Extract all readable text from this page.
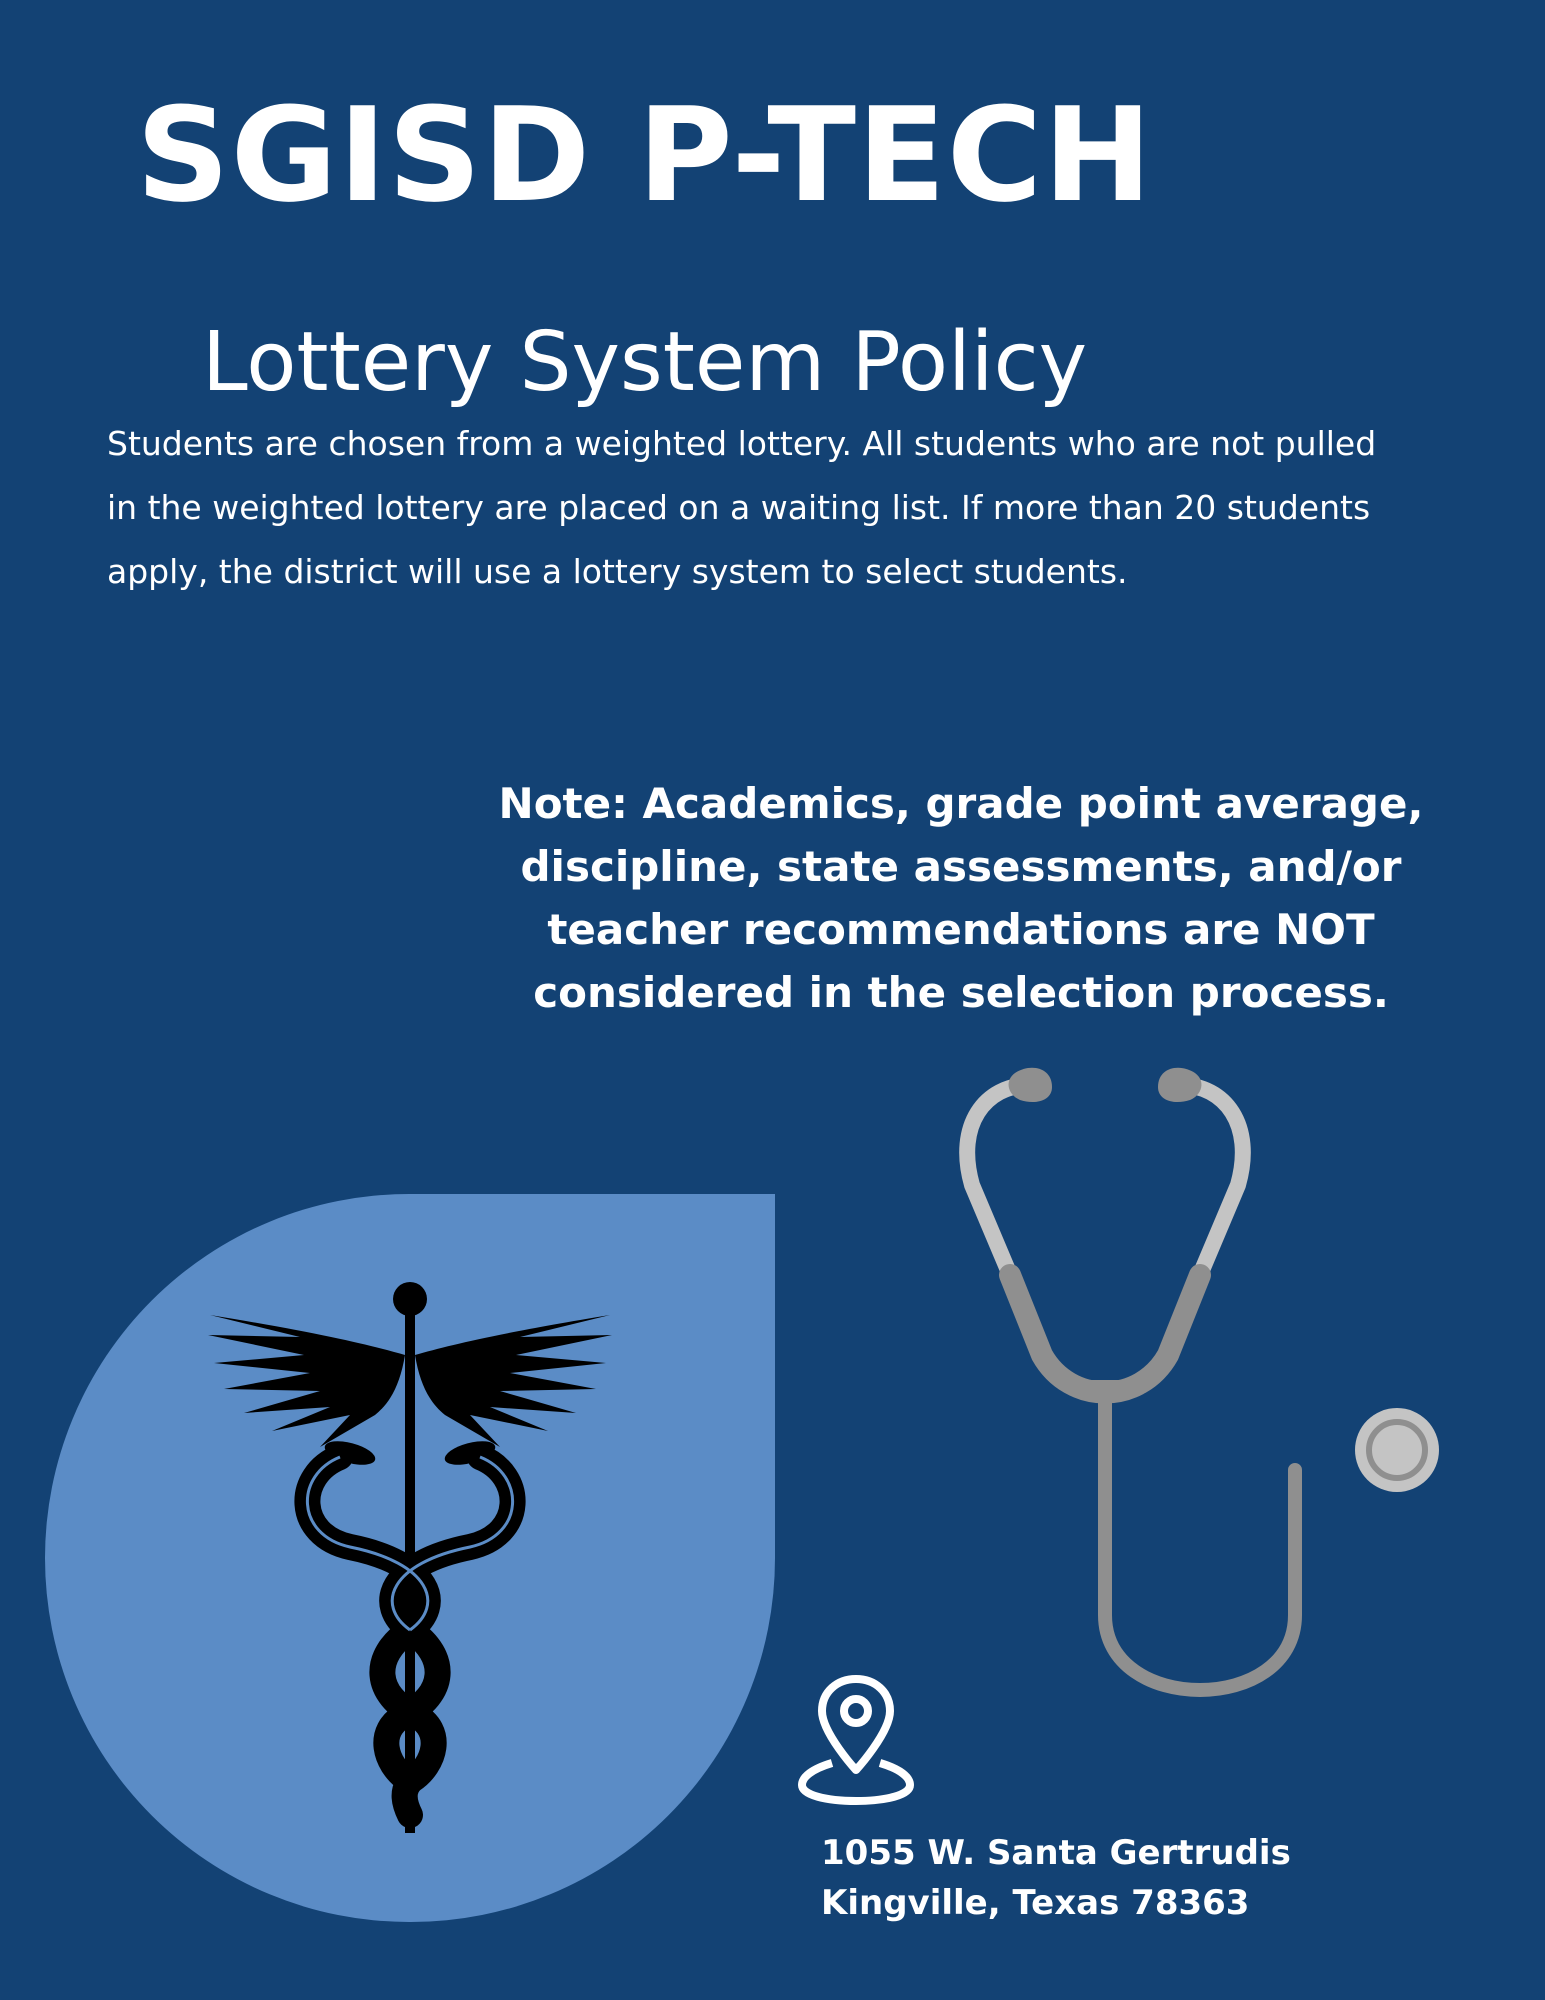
SGISD P-TECH
Lottery System Policy

Students are chosen from a weighted lottery. All students who are not pulled in the weighted lottery are placed on a waiting list. If more than 20 students apply, the district will use a lottery system to select students.

Note: Academics, grade point average, discipline, state assessments, and/or teacher recommendations are NOT considered in the selection process.

1055 W. Santa Gertrudis
Kingville, Texas 78363
